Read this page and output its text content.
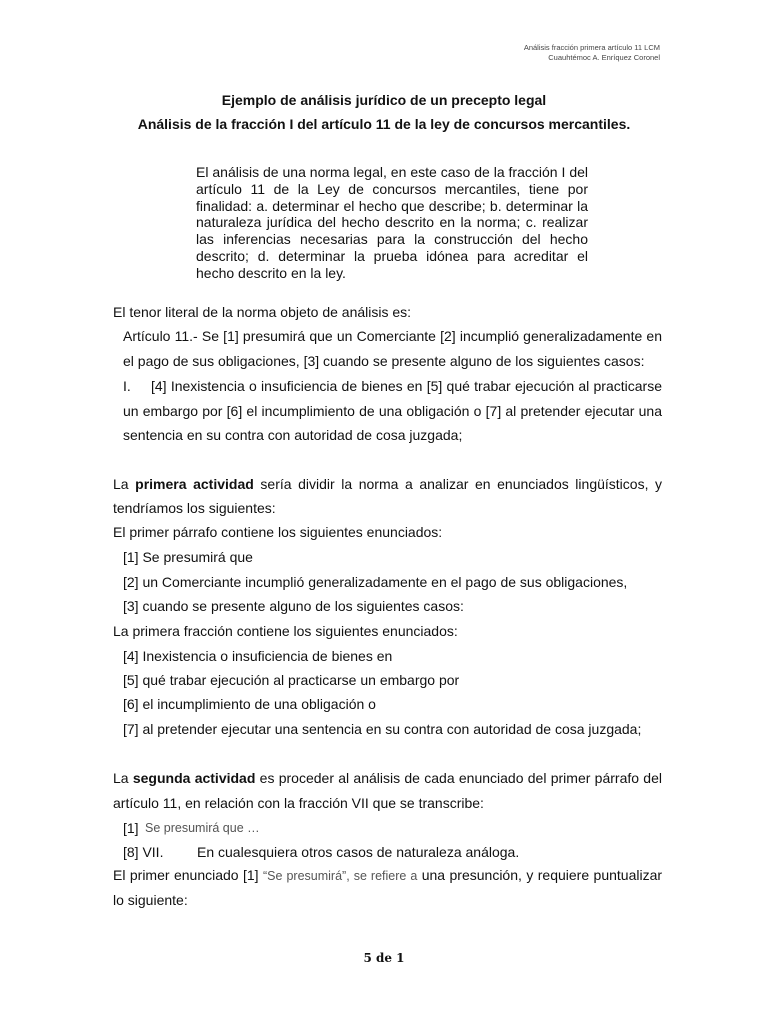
Análisis fracción primera artículo 11 LCM
Cuauhtémoc A. Enríquez Coronel
Ejemplo de análisis jurídico de un precepto legal
Análisis de la fracción I del artículo 11 de la ley de concursos mercantiles.
El análisis de una norma legal, en este caso de la fracción I del artículo 11 de la Ley de concursos mercantiles, tiene por finalidad: a. determinar el hecho que describe; b. determinar la naturaleza jurídica del hecho descrito en la norma; c. realizar las inferencias necesarias para la construcción del hecho descrito; d. determinar la prueba idónea para acreditar el hecho descrito en la ley.
El tenor literal de la norma objeto de análisis es:
Artículo 11.- Se [1] presumirá que un Comerciante [2] incumplió generalizadamente en
el pago de sus obligaciones, [3] cuando se presente alguno de los siguientes casos:
I. [4] Inexistencia o insuficiencia de bienes en [5] qué trabar ejecución al practicarse
un embargo por [6] el incumplimiento de una obligación o [7] al pretender ejecutar una
sentencia en su contra con autoridad de cosa juzgada;
La primera actividad sería dividir la norma a analizar en enunciados lingüísticos, y
tendríamos los siguientes:
El primer párrafo contiene los siguientes enunciados:
[1] Se presumirá que
[2] un Comerciante incumplió generalizadamente en el pago de sus obligaciones,
[3] cuando se presente alguno de los siguientes casos:
La primera fracción contiene los siguientes enunciados:
[4] Inexistencia o insuficiencia de bienes en
[5] qué trabar ejecución al practicarse un embargo por
[6] el incumplimiento de una obligación o
[7] al pretender ejecutar una sentencia en su contra con autoridad de cosa juzgada;
La segunda actividad es proceder al análisis de cada enunciado del primer párrafo del
artículo 11, en relación con la fracción VII que se transcribe:
[1] Se presumirá que …
[8] VII. En cualesquiera otros casos de naturaleza análoga.
El primer enunciado [1] “Se presumirá”, se refiere a una presunción, y requiere puntualizar
lo siguiente:
5 de 1
